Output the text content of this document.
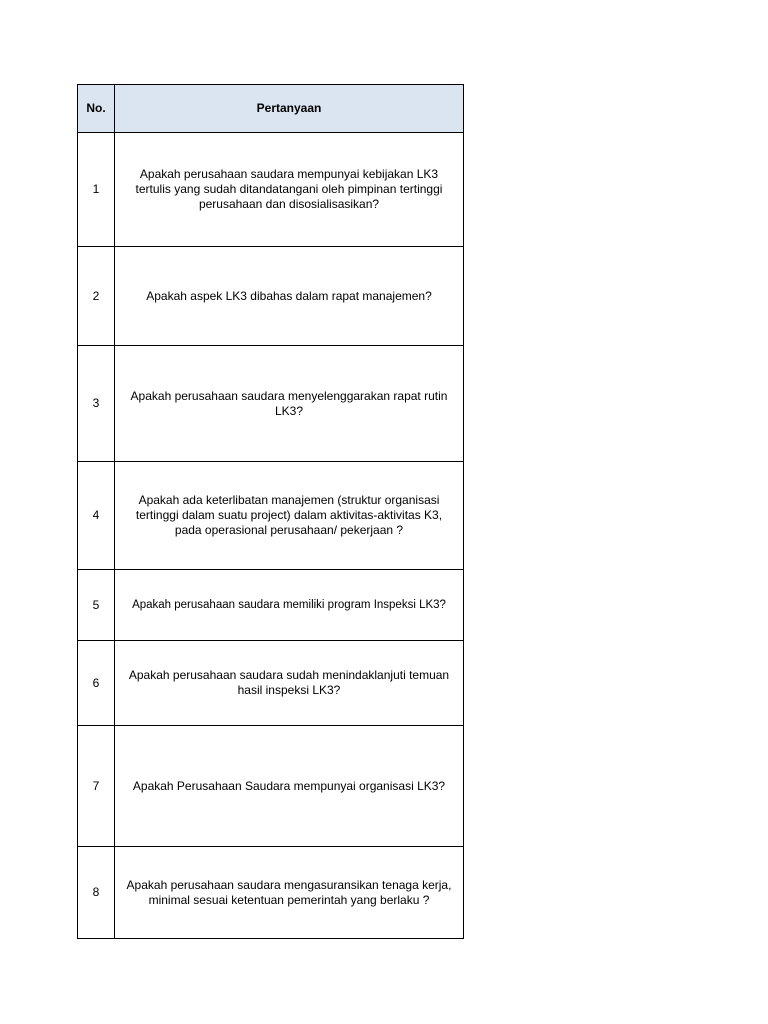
No.	Pertanyaan
1	Apakah perusahaan saudara mempunyai kebijakan LK3 tertulis yang sudah ditandatangani oleh pimpinan tertinggi perusahaan dan disosialisasikan?
2	Apakah aspek LK3 dibahas dalam rapat manajemen?
3	Apakah perusahaan saudara menyelenggarakan rapat rutin LK3?
4	Apakah ada keterlibatan manajemen (struktur organisasi tertinggi dalam suatu project) dalam aktivitas-aktivitas K3, pada operasional perusahaan/ pekerjaan ?
5	Apakah perusahaan saudara memiliki program Inspeksi LK3?
6	Apakah perusahaan saudara sudah menindaklanjuti temuan hasil inspeksi LK3?
7	Apakah Perusahaan Saudara mempunyai organisasi LK3?
8	Apakah perusahaan saudara mengasuransikan tenaga kerja, minimal sesuai ketentuan pemerintah yang berlaku ?
